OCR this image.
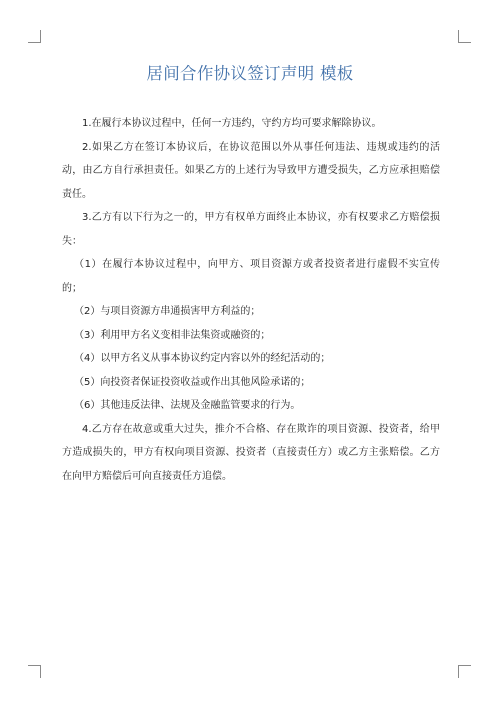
居间合作协议签订声明 模板

1.在履行本协议过程中，任何一方违约，守约方均可要求解除协议。

2.如果乙方在签订本协议后，在协议范围以外从事任何违法、违规或违约的活动，由乙方自行承担责任。如果乙方的上述行为导致甲方遭受损失，乙方应承担赔偿责任。

3.乙方有以下行为之一的，甲方有权单方面终止本协议，亦有权要求乙方赔偿损失：

（1）在履行本协议过程中，向甲方、项目资源方或者投资者进行虚假不实宣传的；

（2）与项目资源方串通损害甲方利益的；

（3）利用甲方名义变相非法集资或融资的；

（4）以甲方名义从事本协议约定内容以外的经纪活动的；

（5）向投资者保证投资收益或作出其他风险承诺的；

（6）其他违反法律、法规及金融监管要求的行为。

4.乙方存在故意或重大过失，推介不合格、存在欺诈的项目资源、投资者，给甲方造成损失的，甲方有权向项目资源、投资者（直接责任方）或乙方主张赔偿。乙方在向甲方赔偿后可向直接责任方追偿。
